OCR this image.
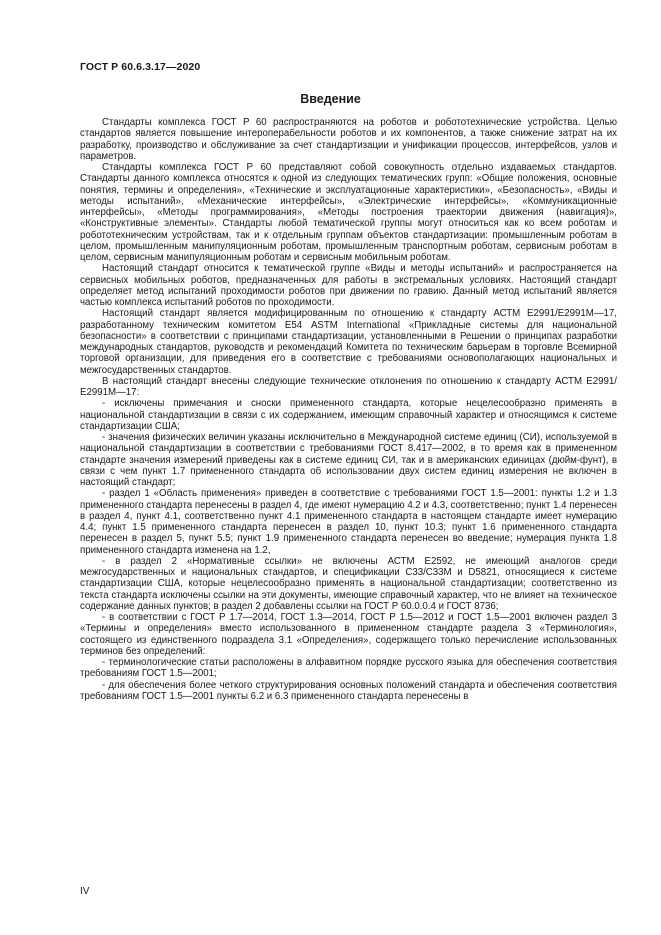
ГОСТ Р 60.6.3.17—2020
Введение

Стандарты комплекса ГОСТ Р 60 распространяются на роботов и робототехнические устройства. Целью стандартов является повышение интероперабельности роботов и их компонентов, а также снижение затрат на их разработку, производство и обслуживание за счет стандартизации и унификации процессов, интерфейсов, узлов и параметров.

Стандарты комплекса ГОСТ Р 60 представляют собой совокупность отдельно издаваемых стандартов. Стандарты данного комплекса относятся к одной из следующих тематических групп: «Общие положения, основные понятия, термины и определения», «Технические и эксплуатационные характеристики», «Безопасность», «Виды и методы испытаний», «Механические интерфейсы», «Электрические интерфейсы», «Коммуникационные интерфейсы», «Методы программирования», «Методы построения траектории движения (навигация)», «Конструктивные элементы». Стандарты любой тематической группы могут относиться как ко всем роботам и робототехническим устройствам, так и к отдельным группам объектов стандартизации: промышленным роботам в целом, промышленным манипуляционным роботам, промышленным транспортным роботам, сервисным роботам в целом, сервисным манипуляционным роботам и сервисным мобильным роботам.

Настоящий стандарт относится к тематической группе «Виды и методы испытаний» и распространяется на сервисных мобильных роботов, предназначенных для работы в экстремальных условиях. Настоящий стандарт определяет метод испытаний проходимости роботов при движении по гравию. Данный метод испытаний является частью комплекса испытаний роботов по проходимости.

Настоящий стандарт является модифицированным по отношению к стандарту АСТМ Е2991/Е2991М—17, разработанному техническим комитетом Е54 ASTM International «Прикладные системы для национальной безопасности» в соответствии с принципами стандартизации, установленными в Решении о принципах разработки международных стандартов, руководств и рекомендаций Комитета по техническим барьерам в торговле Всемирной торговой организации, для приведения его в соответствие с требованиями основополагающих национальных и межгосударственных стандартов.

В настоящий стандарт внесены следующие технические отклонения по отношению к стандарту АСТМ Е2991/Е2991М—17:

- исключены примечания и сноски примененного стандарта, которые нецелесообразно применять в национальной стандартизации в связи с их содержанием, имеющим справочный характер и относящимся к системе стандартизации США;

- значения физических величин указаны исключительно в Международной системе единиц (СИ), используемой в национальной стандартизации в соответствии с требованиями ГОСТ 8.417—2002, в то время как в примененном стандарте значения измерений приведены как в системе единиц СИ, так и в американских единицах (дюйм-фунт), в связи с чем пункт 1.7 примененного стандарта об использовании двух систем единиц измерения не включен в настоящий стандарт;

- раздел 1 «Область применения» приведен в соответствие с требованиями ГОСТ 1.5—2001: пункты 1.2 и 1.3 примененного стандарта перенесены в раздел 4, где имеют нумерацию 4.2 и 4.3, соответственно; пункт 1.4 перенесен в раздел 4, пункт 4.1, соответственно пункт 4.1 примененного стандарта в настоящем стандарте имеет нумерацию 4.4; пункт 1.5 примененного стандарта перенесен в раздел 10, пункт 10.3; пункт 1.6 примененного стандарта перенесен в раздел 5, пункт 5.5; пункт 1.9 примененного стандарта перенесен во введение; нумерация пункта 1.8 примененного стандарта изменена на 1.2,

- в раздел 2 «Нормативные ссылки» не включены АСТМ Е2592, не имеющий аналогов среди межгосударственных и национальных стандартов, и спецификации С33/С33М и D5821, относящиеся к системе стандартизации США, которые нецелесообразно применять в национальной стандартизации; соответственно из текста стандарта исключены ссылки на эти документы, имеющие справочный характер, что не влияет на техническое содержание данных пунктов; в раздел 2 добавлены ссылки на ГОСТ Р 60.0.0.4 и ГОСТ 8736;

- в соответствии с ГОСТ Р 1.7—2014, ГОСТ 1.3—2014, ГОСТ Р 1.5—2012 и ГОСТ 1.5—2001 включен раздел 3 «Термины и определения» вместо использованного в примененном стандарте раздела 3 «Терминология», состоящего из единственного подраздела 3.1 «Определения», содержащего только перечисление использованных терминов без определений:

- терминологические статьи расположены в алфавитном порядке русского языка для обеспечения соответствия требованиям ГОСТ 1.5—2001;

- для обеспечения более четкого структурирования основных положений стандарта и обеспечения соответствия требованиям ГОСТ 1.5—2001 пункты 6.2 и 6.3 примененного стандарта перенесены в

IV
